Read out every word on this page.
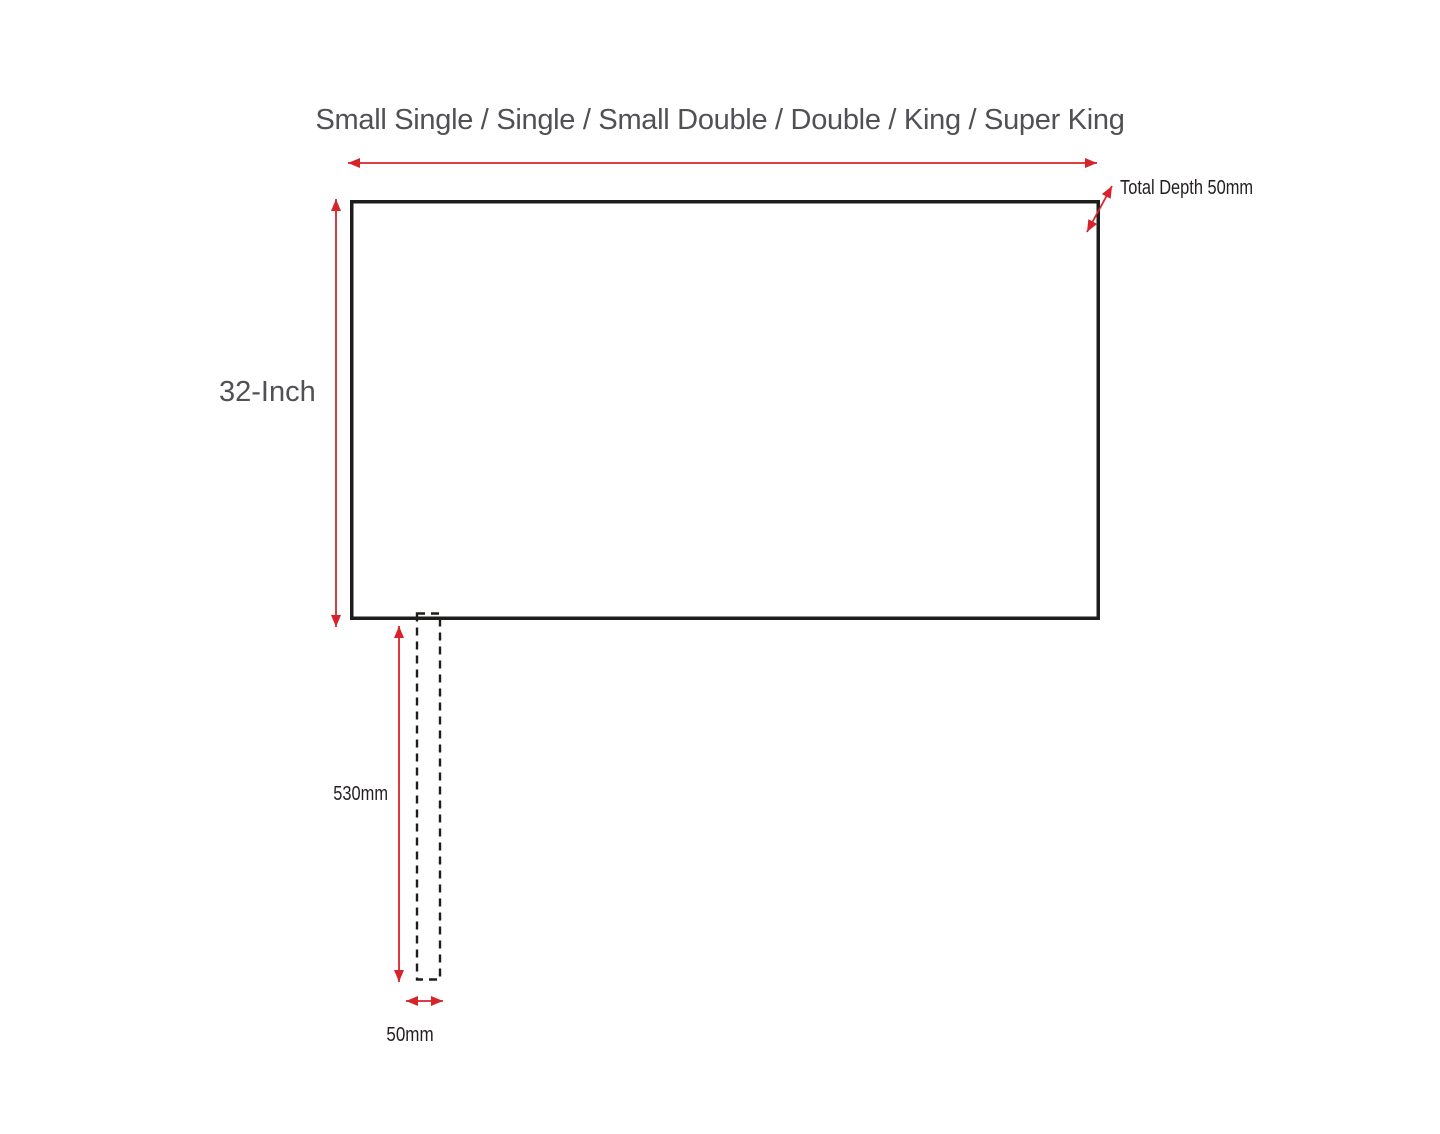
Small Single / Single / Small Double / Double / King / Super King
32-Inch
Total Depth 50mm
530mm
50mm
